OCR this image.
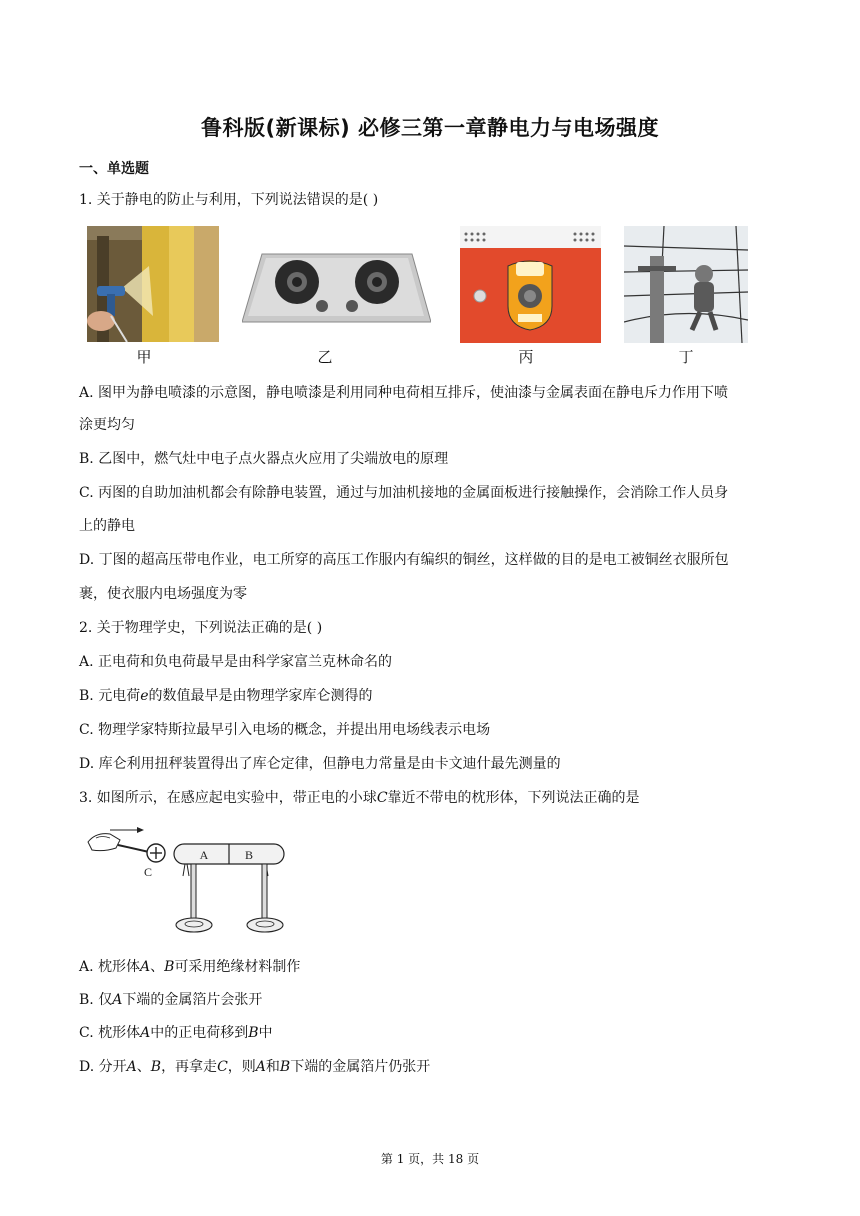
鲁科版(新课标) 必修三第一章静电力与电场强度
一、单选题
1. 关于静电的防止与利用，下列说法错误的是( )
甲	乙	丙	丁
A. 图甲为静电喷漆的示意图，静电喷漆是利用同种电荷相互排斥，使油漆与金属表面在静电斥力作用下喷
涂更均匀
B. 乙图中，燃气灶中电子点火器点火应用了尖端放电的原理
C. 丙图的自助加油机都会有除静电装置，通过与加油机接地的金属面板进行接触操作，会消除工作人员身
上的静电
D. 丁图的超高压带电作业，电工所穿的高压工作服内有编织的铜丝，这样做的目的是电工被铜丝衣服所包
裹，使衣服内电场强度为零
2. 关于物理学史，下列说法正确的是( )
A. 正电荷和负电荷最早是由科学家富兰克林命名的
B. 元电荷e的数值最早是由物理学家库仑测得的
C. 物理学家特斯拉最早引入电场的概念，并提出用电场线表示电场
D. 库仑利用扭秤装置得出了库仑定律，但静电力常量是由卡文迪什最先测量的
3. 如图所示，在感应起电实验中，带正电的小球C靠近不带电的枕形体，下列说法正确的是
C
A	B
A. 枕形体A、B可采用绝缘材料制作
B. 仅A下端的金属箔片会张开
C. 枕形体A中的正电荷移到B中
D. 分开A、B，再拿走C，则A和B下端的金属箔片仍张开
第 1 页，共 18 页
